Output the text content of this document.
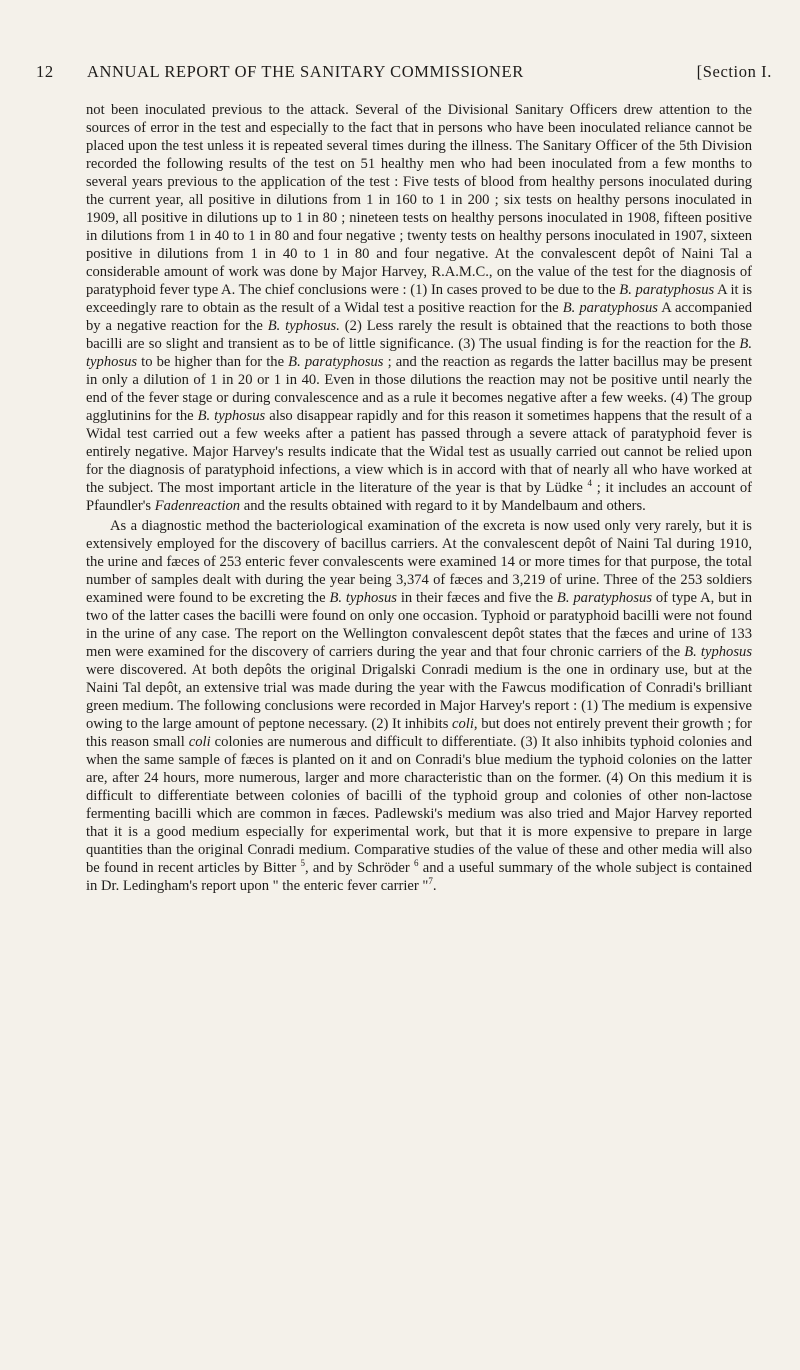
12 ANNUAL REPORT OF THE SANITARY COMMISSIONER	[Section I.

not been inoculated previous to the attack. Several of the Divisional Sanitary Officers drew attention to the sources of error in the test and especially to the fact that in persons who have been inoculated reliance cannot be placed upon the test unless it is repeated several times during the illness. The Sanitary Officer of the 5th Division recorded the following results of the test on 51 healthy men who had been inoculated from a few months to several years previous to the application of the test : Five tests of blood from healthy persons inoculated during the current year, all positive in dilutions from 1 in 160 to 1 in 200 ; six tests on healthy persons inoculated in 1909, all positive in dilutions up to 1 in 80 ; nineteen tests on healthy persons inoculated in 1908, fifteen positive in dilutions from 1 in 40 to 1 in 80 and four negative ; twenty tests on healthy persons inoculated in 1907, sixteen positive in dilutions from 1 in 40 to 1 in 80 and four negative. At the convalescent depôt of Naini Tal a considerable amount of work was done by Major Harvey, R.A.M.C., on the value of the test for the diagnosis of paratyphoid fever type A. The chief conclusions were : (1) In cases proved to be due to the B. paratyphosus A it is exceedingly rare to obtain as the result of a Widal test a positive reaction for the B. paratyphosus A accompanied by a negative reaction for the B. typhosus. (2) Less rarely the result is obtained that the reactions to both those bacilli are so slight and transient as to be of little significance. (3) The usual finding is for the reaction for the B. typhosus to be higher than for the B. paratyphosus ; and the reaction as regards the latter bacillus may be present in only a dilution of 1 in 20 or 1 in 40. Even in those dilutions the reaction may not be positive until nearly the end of the fever stage or during convalescence and as a rule it becomes negative after a few weeks. (4) The group agglutinins for the B. typhosus also disappear rapidly and for this reason it sometimes happens that the result of a Widal test carried out a few weeks after a patient has passed through a severe attack of paratyphoid fever is entirely negative. Major Harvey's results indicate that the Widal test as usually carried out cannot be relied upon for the diagnosis of paratyphoid infections, a view which is in accord with that of nearly all who have worked at the subject. The most important article in the literature of the year is that by Lüdke $^4$ ; it includes an account of Pfaundler's Fadenreaction and the results obtained with regard to it by Mandelbaum and others.

As a diagnostic method the bacteriological examination of the excreta is now used only very rarely, but it is extensively employed for the discovery of bacillus carriers. At the convalescent depôt of Naini Tal during 1910, the urine and fæces of 253 enteric fever convalescents were examined 14 or more times for that purpose, the total number of samples dealt with during the year being 3,374 of fæces and 3,219 of urine. Three of the 253 soldiers examined were found to be excreting the B. typhosus in their fæces and five the B. paratyphosus of type A, but in two of the latter cases the bacilli were found on only one occasion. Typhoid or paratyphoid bacilli were not found in the urine of any case. The report on the Wellington convalescent depôt states that the fæces and urine of 133 men were examined for the discovery of carriers during the year and that four chronic carriers of the B. typhosus were discovered. At both depôts the original Drigalski Conradi medium is the one in ordinary use, but at the Naini Tal depôt, an extensive trial was made during the year with the Fawcus modification of Conradi's brilliant green medium. The following conclusions were recorded in Major Harvey's report : (1) The medium is expensive owing to the large amount of peptone necessary. (2) It inhibits coli, but does not entirely prevent their growth ; for this reason small coli colonies are numerous and difficult to differentiate. (3) It also inhibits typhoid colonies and when the same sample of fæces is planted on it and on Conradi's blue medium the typhoid colonies on the latter are, after 24 hours, more numerous, larger and more characteristic than on the former. (4) On this medium it is difficult to differentiate between colonies of bacilli of the typhoid group and colonies of other non-lactose fermenting bacilli which are common in fæces. Padlewski's medium was also tried and Major Harvey reported that it is a good medium especially for experimental work, but that it is more expensive to prepare in large quantities than the original Conradi medium. Comparative studies of the value of these and other media will also be found in recent articles by Bitter $^5$, and by Schröder $^6$ and a useful summary of the whole subject is contained in Dr. Ledingham's report upon " the enteric fever carrier "$^7$.
